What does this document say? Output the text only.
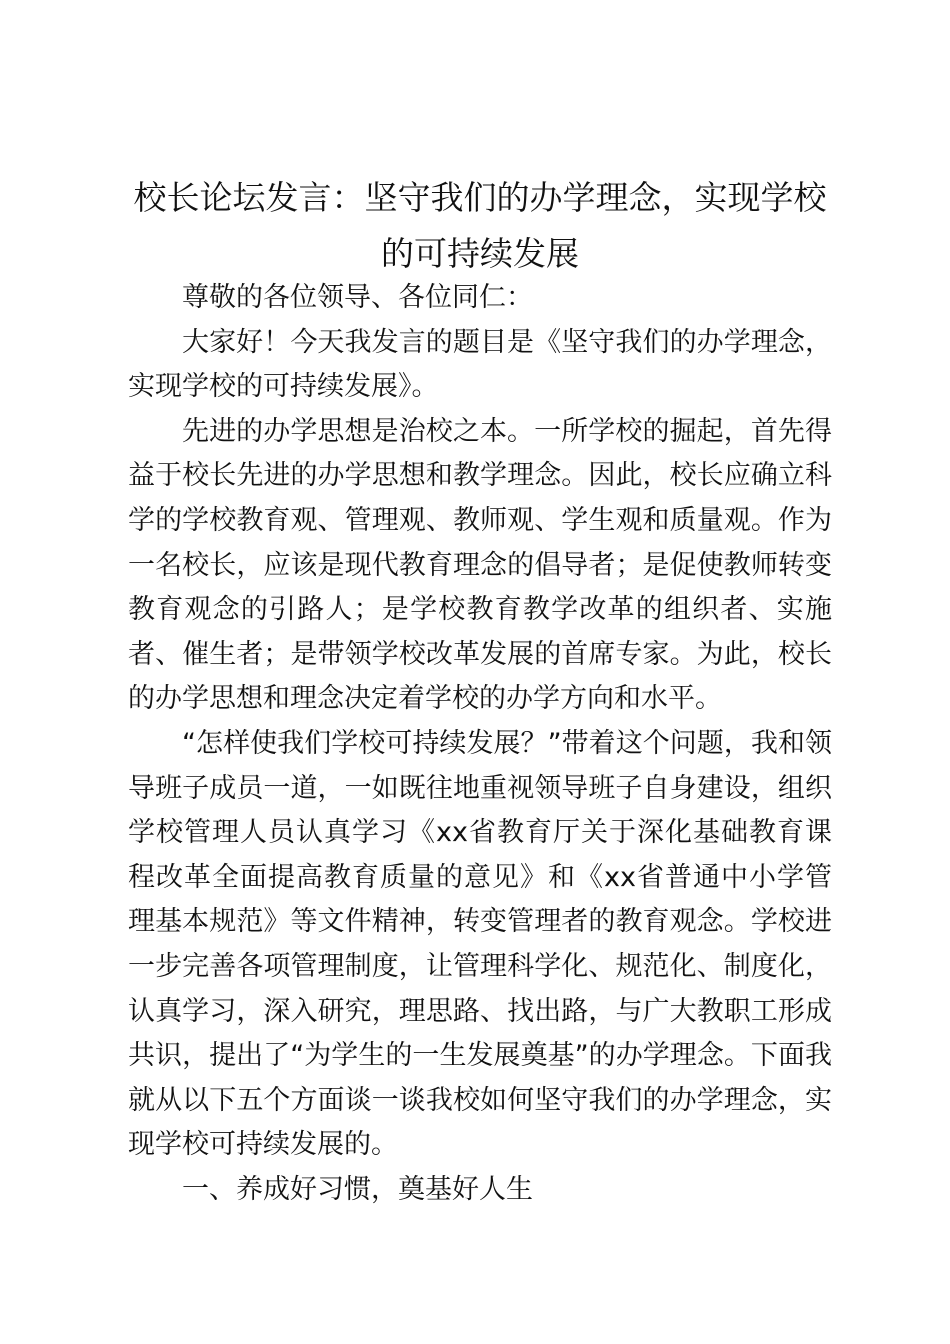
校长论坛发言：坚守我们的办学理念，实现学校 的可持续发展

尊敬的各位领导、各位同仁：

大家好！今天我发言的题目是《坚守我们的办学理念，实现学校的可持续发展》。

先进的办学思想是治校之本。一所学校的掘起，首先得益于校长先进的办学思想和教学理念。因此，校长应确立科学的学校教育观、管理观、教师观、学生观和质量观。作为一名校长，应该是现代教育理念的倡导者；是促使教师转变教育观念的引路人；是学校教育教学改革的组织者、实施者、催生者；是带领学校改革发展的首席专家。为此，校长的办学思想和理念决定着学校的办学方向和水平。

“怎样使我们学校可持续发展？”带着这个问题，我和领导班子成员一道，一如既往地重视领导班子自身建设，组织学校管理人员认真学习《xx省教育厅关于深化基础教育课程改革全面提高教育质量的意见》和《xx省普通中小学管理基本规范》等文件精神，转变管理者的教育观念。学校进一步完善各项管理制度，让管理科学化、规范化、制度化，认真学习，深入研究，理思路、找出路，与广大教职工形成共识，提出了“为学生的一生发展奠基”的办学理念。下面我就从以下五个方面谈一谈我校如何坚守我们的办学理念，实现学校可持续发展的。

一、养成好习惯，奠基好人生
